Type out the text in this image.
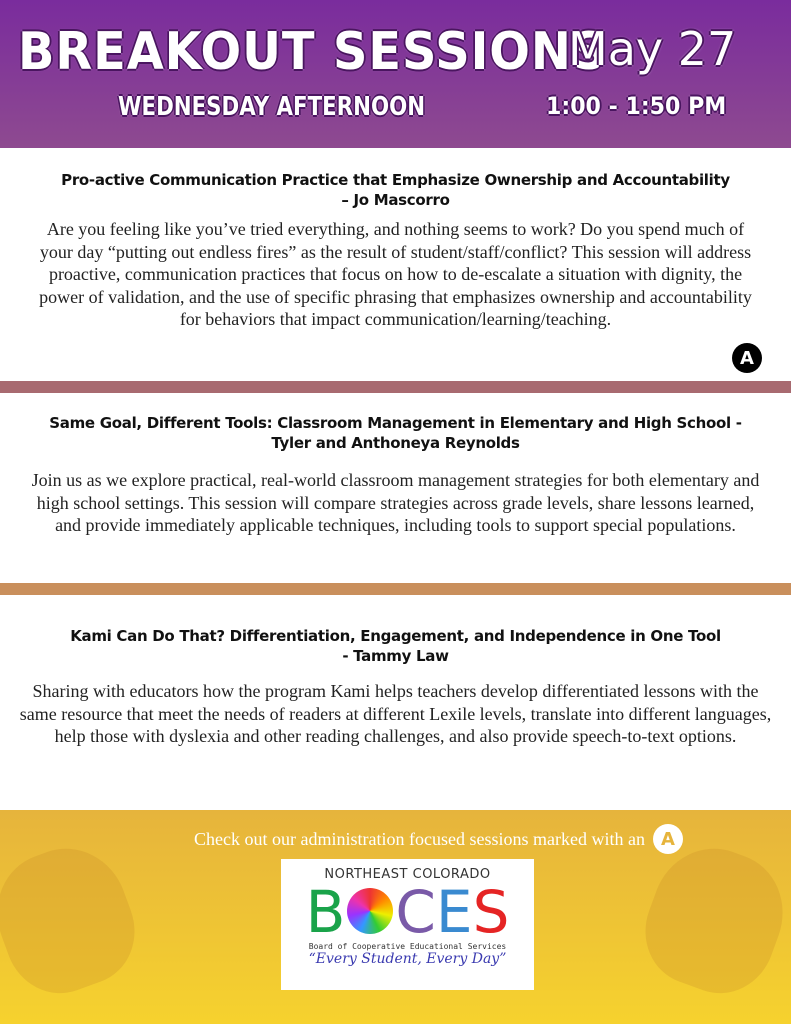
BREAKOUT SESSIONS
May 27
WEDNESDAY AFTERNOON	1:00 - 1:50 PM
Pro-active Communication Practice that Emphasize Ownership and Accountability
– Jo Mascorro
Are you feeling like you’ve tried everything, and nothing seems to work? Do you spend much of your day “putting out endless fires” as the result of student/staff/conflict? This session will address proactive, communication practices that focus on how to de-escalate a situation with dignity, the power of validation, and the use of specific phrasing that emphasizes ownership and accountability for behaviors that impact communication/learning/teaching.
A
Same Goal, Different Tools: Classroom Management in Elementary and High School -
Tyler and Anthoneya Reynolds
Join us as we explore practical, real-world classroom management strategies for both elementary and high school settings. This session will compare strategies across grade levels, share lessons learned, and provide immediately applicable techniques, including tools to support special populations.
Kami Can Do That? Differentiation, Engagement, and Independence in One Tool
- Tammy Law
Sharing with educators how the program Kami helps teachers develop differentiated lessons with the same resource that meet the needs of readers at different Lexile levels, translate into different languages, help those with dyslexia and other reading challenges, and also provide speech-to-text options.
Check out our administration focused sessions marked with an A
NORTHEAST COLORADO
B CES
Board of Cooperative Educational Services
“Every Student, Every Day”
